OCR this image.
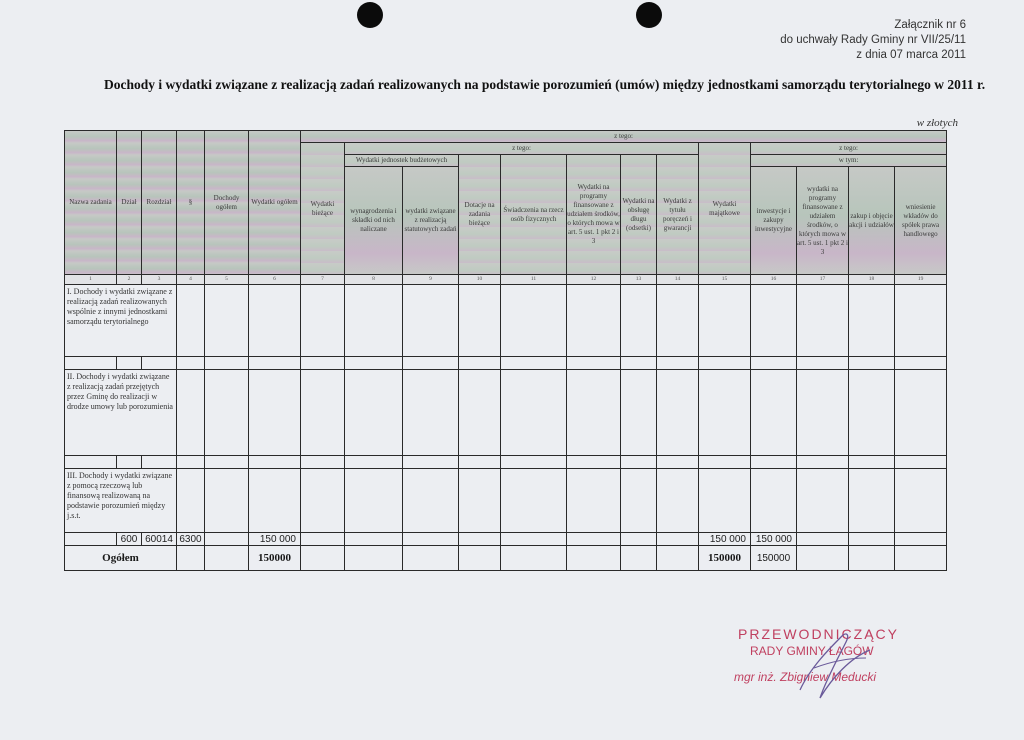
Załącznik nr 6
do uchwały Rady Gminy nr VII/25/11
z dnia 07 marca 2011
Dochody i wydatki związane z realizacją zadań realizowanych na podstawie porozumień (umów) między jednostkami samorządu terytorialnego w 2011 r.
w złotych
Nazwa zadania	Dział	Rozdział	§	Dochody ogółem	Wydatki ogółem	z tego:												
						Wydatki bieżące	z tego:							Wydatki majątkowe	z tego:			
							Wydatki jednostek budżetowych		Dotacje na zadania bieżące	Świadczenia na rzecz osób fizycznych	Wydatki na programy finansowane z udziałem środków, o których mowa w art. 5 ust. 1 pkt 2 i 3	Wydatki na obsługę długu (odsetki)	Wydatki z tytułu poręczeń i gwarancji		w tym:			
							wynagrodzenia i składki od nich naliczane	wydatki związane z realizacją statutowych zadań							inwestycje i zakupy inwestycyjne	wydatki na programy finansowane z udziałem środków, o których mowa w art. 5 ust. 1 pkt 2 i 3	zakup i objęcie akcji i udziałów	wniesienie wkładów do spółek prawa handlowego
1	2	3	4	5	6	7	8	9	10	11	12	13	14	15	16	17	18	19
I. Dochody i wydatki związane z realizacją zadań realizowanych wspólnie z innymi jednostkami samorządu terytorialnego																		

II. Dochody i wydatki związane z realizacją zadań przejętych przez Gminę do realizacji w drodze umowy lub porozumienia																		

III. Dochody i wydatki związane z pomocą rzeczową lub finansową realizowaną na podstawie porozumień między j.s.t.																		
	600	60014	6300		150 000									150 000	150 000			
Ogółem					150000									150000	150000			
PRZEWODNICZĄCY
RADY GMINY ŁAGÓW
mgr inż. Zbigniew Meducki
